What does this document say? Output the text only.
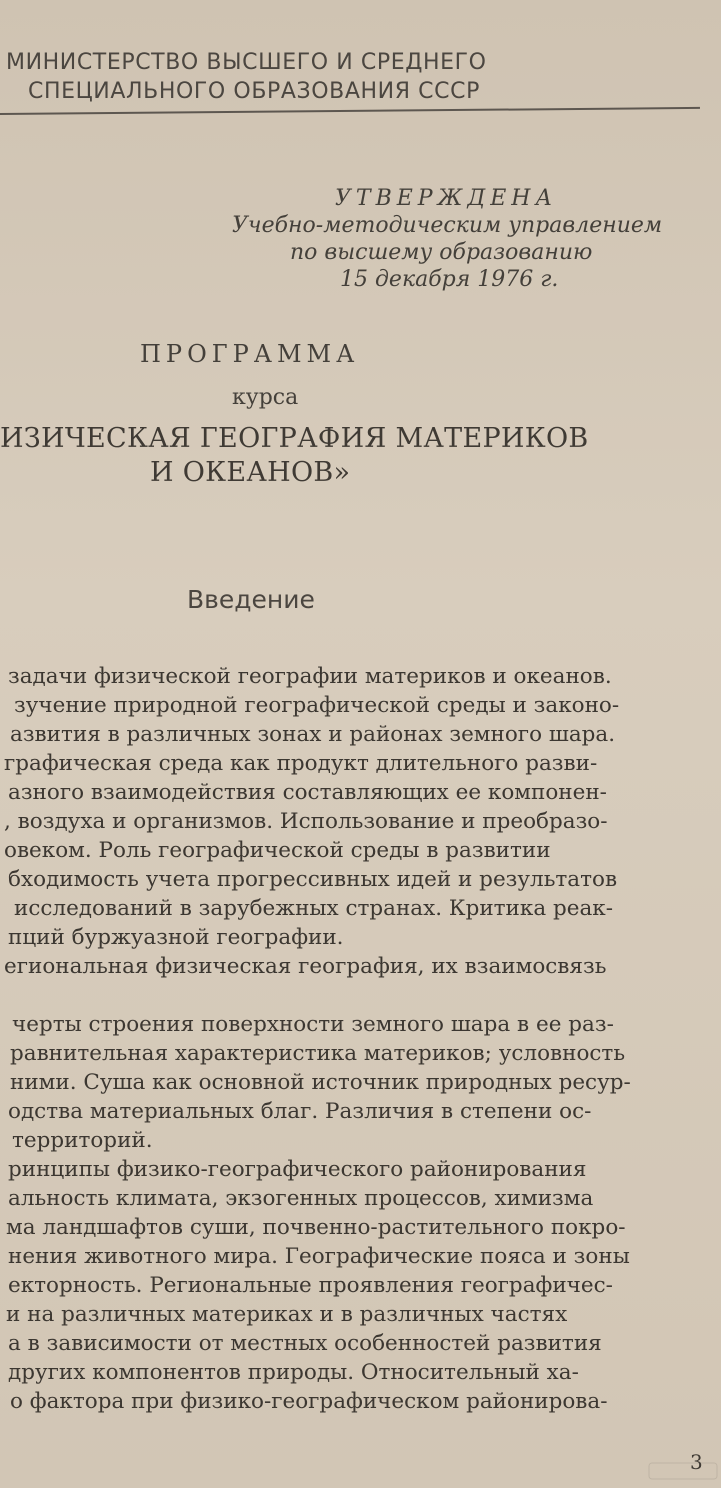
МИНИСТЕРСТВО ВЫСШЕГО И СРЕДНЕГО
СПЕЦИАЛЬНОГО ОБРАЗОВАНИЯ СССР
УТВЕРЖДЕНА
Учебно-методическим управлением
по высшему образованию
15 декабря 1976 г.
ПРОГРАММА
курса
ИЗИЧЕСКАЯ ГЕОГРАФИЯ МАТЕРИКОВ
И ОКЕАНОВ»
Введение
задачи физической географии материков и океанов.
зучение природной географической среды и законо-
азвития в различных зонах и районах земного шара.
графическая среда как продукт длительного разви-
азного взаимодействия составляющих ее компонен-
, воздуха и организмов. Использование и преобразо-
овеком. Роль географической среды в развитии
бходимость учета прогрессивных идей и результатов
исследований в зарубежных странах. Критика реак-
пций буржуазной географии.
егиональная физическая география, их взаимосвязь
черты строения поверхности земного шара в ее раз-
равнительная характеристика материков; условность
ними. Суша как основной источник природных ресур-
одства материальных благ. Различия в степени ос-
территорий.
ринципы физико-географического районирования
альность климата, экзогенных процессов, химизма
ма ландшафтов суши, почвенно-растительного покро-
нения животного мира. Географические пояса и зоны
екторность. Региональные проявления географичес-
и на различных материках и в различных частях
а в зависимости от местных особенностей развития
других компонентов природы. Относительный ха-
о фактора при физико-географическом районирова-
3
